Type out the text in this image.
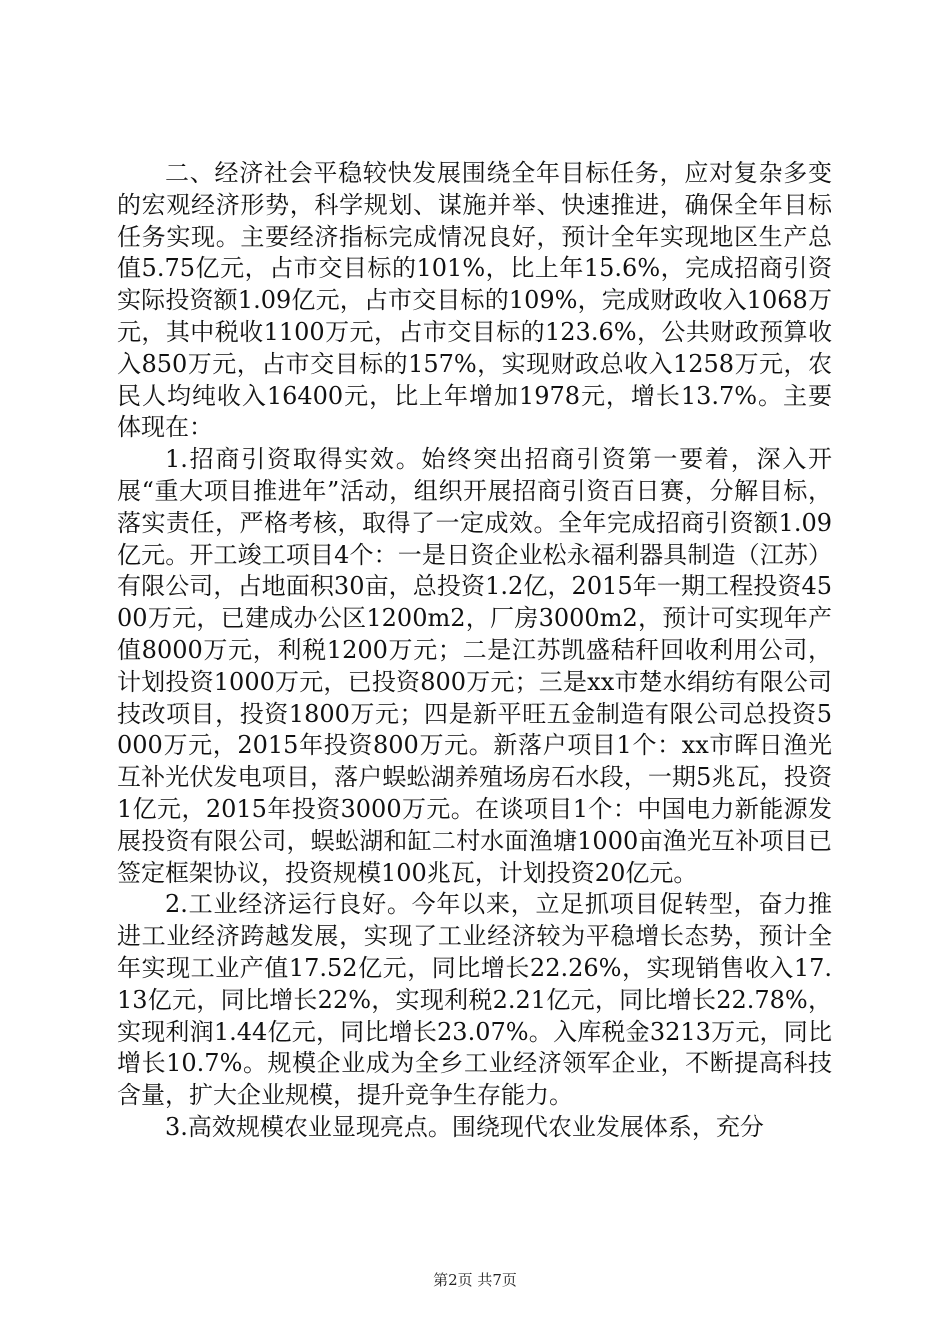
二、经济社会平稳较快发展围绕全年目标任务，应对复杂多变的宏观经济形势，科学规划、谋施并举、快速推进，确保全年目标任务实现。主要经济指标完成情况良好，预计全年实现地区生产总值5.75亿元，占市交目标的101%，比上年15.6%，完成招商引资实际投资额1.09亿元，占市交目标的109%，完成财政收入1068万元，其中税收1100万元，占市交目标的123.6%，公共财政预算收入850万元，占市交目标的157%，实现财政总收入1258万元，农民人均纯收入16400元，比上年增加1978元，增长13.7%。主要体现在：

1.招商引资取得实效。始终突出招商引资第一要着，深入开展“重大项目推进年”活动，组织开展招商引资百日赛，分解目标，落实责任，严格考核，取得了一定成效。全年完成招商引资额1.09亿元。开工竣工项目4个：一是日资企业松永福利器具制造（江苏）有限公司，占地面积30亩，总投资1.2亿，2015年一期工程投资4500万元，已建成办公区1200m2，厂房3000m2，预计可实现年产值8000万元，利税1200万元；二是江苏凯盛秸秆回收利用公司，计划投资1000万元，已投资800万元；三是xx市楚水绢纺有限公司技改项目，投资1800万元；四是新平旺五金制造有限公司总投资5000万元，2015年投资800万元。新落户项目1个：xx市晖日渔光互补光伏发电项目，落户蜈蚣湖养殖场房石水段，一期5兆瓦，投资1亿元，2015年投资3000万元。在谈项目1个：中国电力新能源发展投资有限公司，蜈蚣湖和缸二村水面渔塘1000亩渔光互补项目已签定框架协议，投资规模100兆瓦，计划投资20亿元。

2.工业经济运行良好。今年以来，立足抓项目促转型，奋力推进工业经济跨越发展，实现了工业经济较为平稳增长态势，预计全年实现工业产值17.52亿元，同比增长22.26%，实现销售收入17.13亿元，同比增长22%，实现利税2.21亿元，同比增长22.78%，实现利润1.44亿元，同比增长23.07%。入库税金3213万元，同比增长10.7%。规模企业成为全乡工业经济领军企业，不断提高科技含量，扩大企业规模，提升竞争生存能力。

3.高效规模农业显现亮点。围绕现代农业发展体系，充分

第2页 共7页
